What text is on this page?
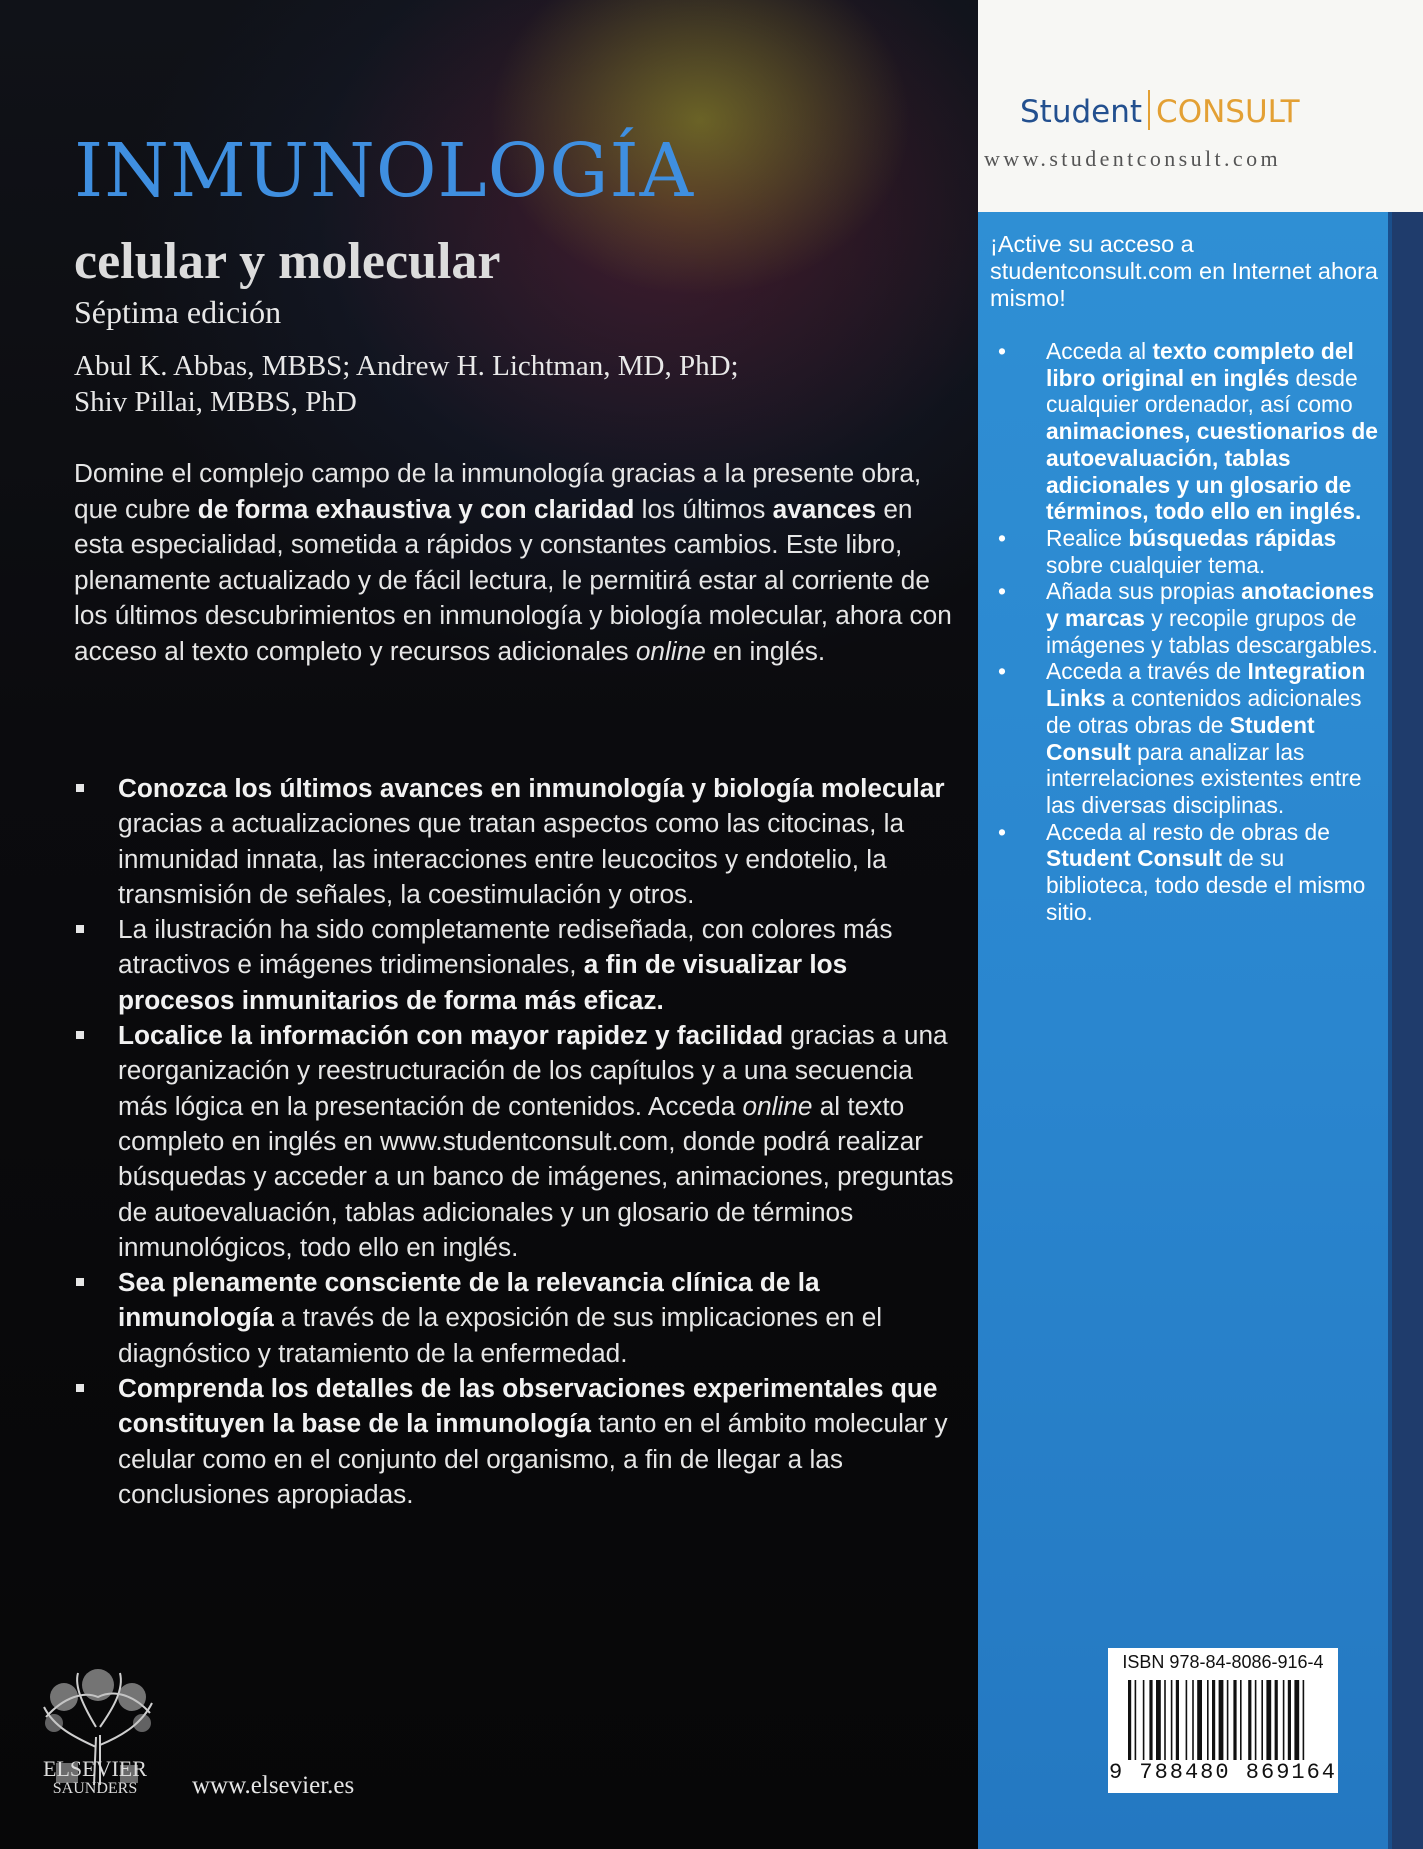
INMUNOLOGÍA
celular y molecular

Séptima edición

Abul K. Abbas, MBBS; Andrew H. Lichtman, MD, PhD;
Shiv Pillai, MBBS, PhD

Domine el complejo campo de la inmunología gracias a la presente obra, que cubre de forma exhaustiva y con claridad los últimos avances en esta especialidad, sometida a rápidos y constantes cambios. Este libro, plenamente actualizado y de fácil lectura, le permitirá estar al corriente de los últimos descubrimientos en inmunología y biología molecular, ahora con acceso al texto completo y recursos adicionales online en inglés.

Conozca los últimos avances en inmunología y biología molecular gracias a actualizaciones que tratan aspectos como las citocinas, la inmunidad innata, las interacciones entre leucocitos y endotelio, la transmisión de señales, la coestimulación y otros.
La ilustración ha sido completamente rediseñada, con colores más atractivos e imágenes tridimensionales, a fin de visualizar los procesos inmunitarios de forma más eficaz.
Localice la información con mayor rapidez y facilidad gracias a una reorganización y reestructuración de los capítulos y a una secuencia más lógica en la presentación de contenidos. Acceda online al texto completo en inglés en www.studentconsult.com, donde podrá realizar búsquedas y acceder a un banco de imágenes, animaciones, preguntas de autoevaluación, tablas adicionales y un glosario de términos inmunológicos, todo ello en inglés.
Sea plenamente consciente de la relevancia clínica de la inmunología a través de la exposición de sus implicaciones en el diagnóstico y tratamiento de la enfermedad.
Comprenda los detalles de las observaciones experimentales que constituyen la base de la inmunología tanto en el ámbito molecular y celular como en el conjunto del organismo, a fin de llegar a las conclusiones apropiadas.
ELSEVIER
SAUNDERS	www.elsevier.es

Student CONSULT

www.studentconsult.com

¡Active su acceso a studentconsult.com en Internet ahora mismo!

• Acceda al texto completo del libro original en inglés desde cualquier ordenador, así como animaciones, cuestionarios de autoevaluación, tablas adicionales y un glosario de términos, todo ello en inglés.
• Realice búsquedas rápidas sobre cualquier tema.
• Añada sus propias anotaciones y marcas y recopile grupos de imágenes y tablas descargables.
• Acceda a través de Integration Links a contenidos adicionales de otras obras de Student Consult para analizar las interrelaciones existentes entre las diversas disciplinas.
• Acceda al resto de obras de Student Consult de su biblioteca, todo desde el mismo sitio.

ISBN 978-84-8086-916-4

9 788480 869164
